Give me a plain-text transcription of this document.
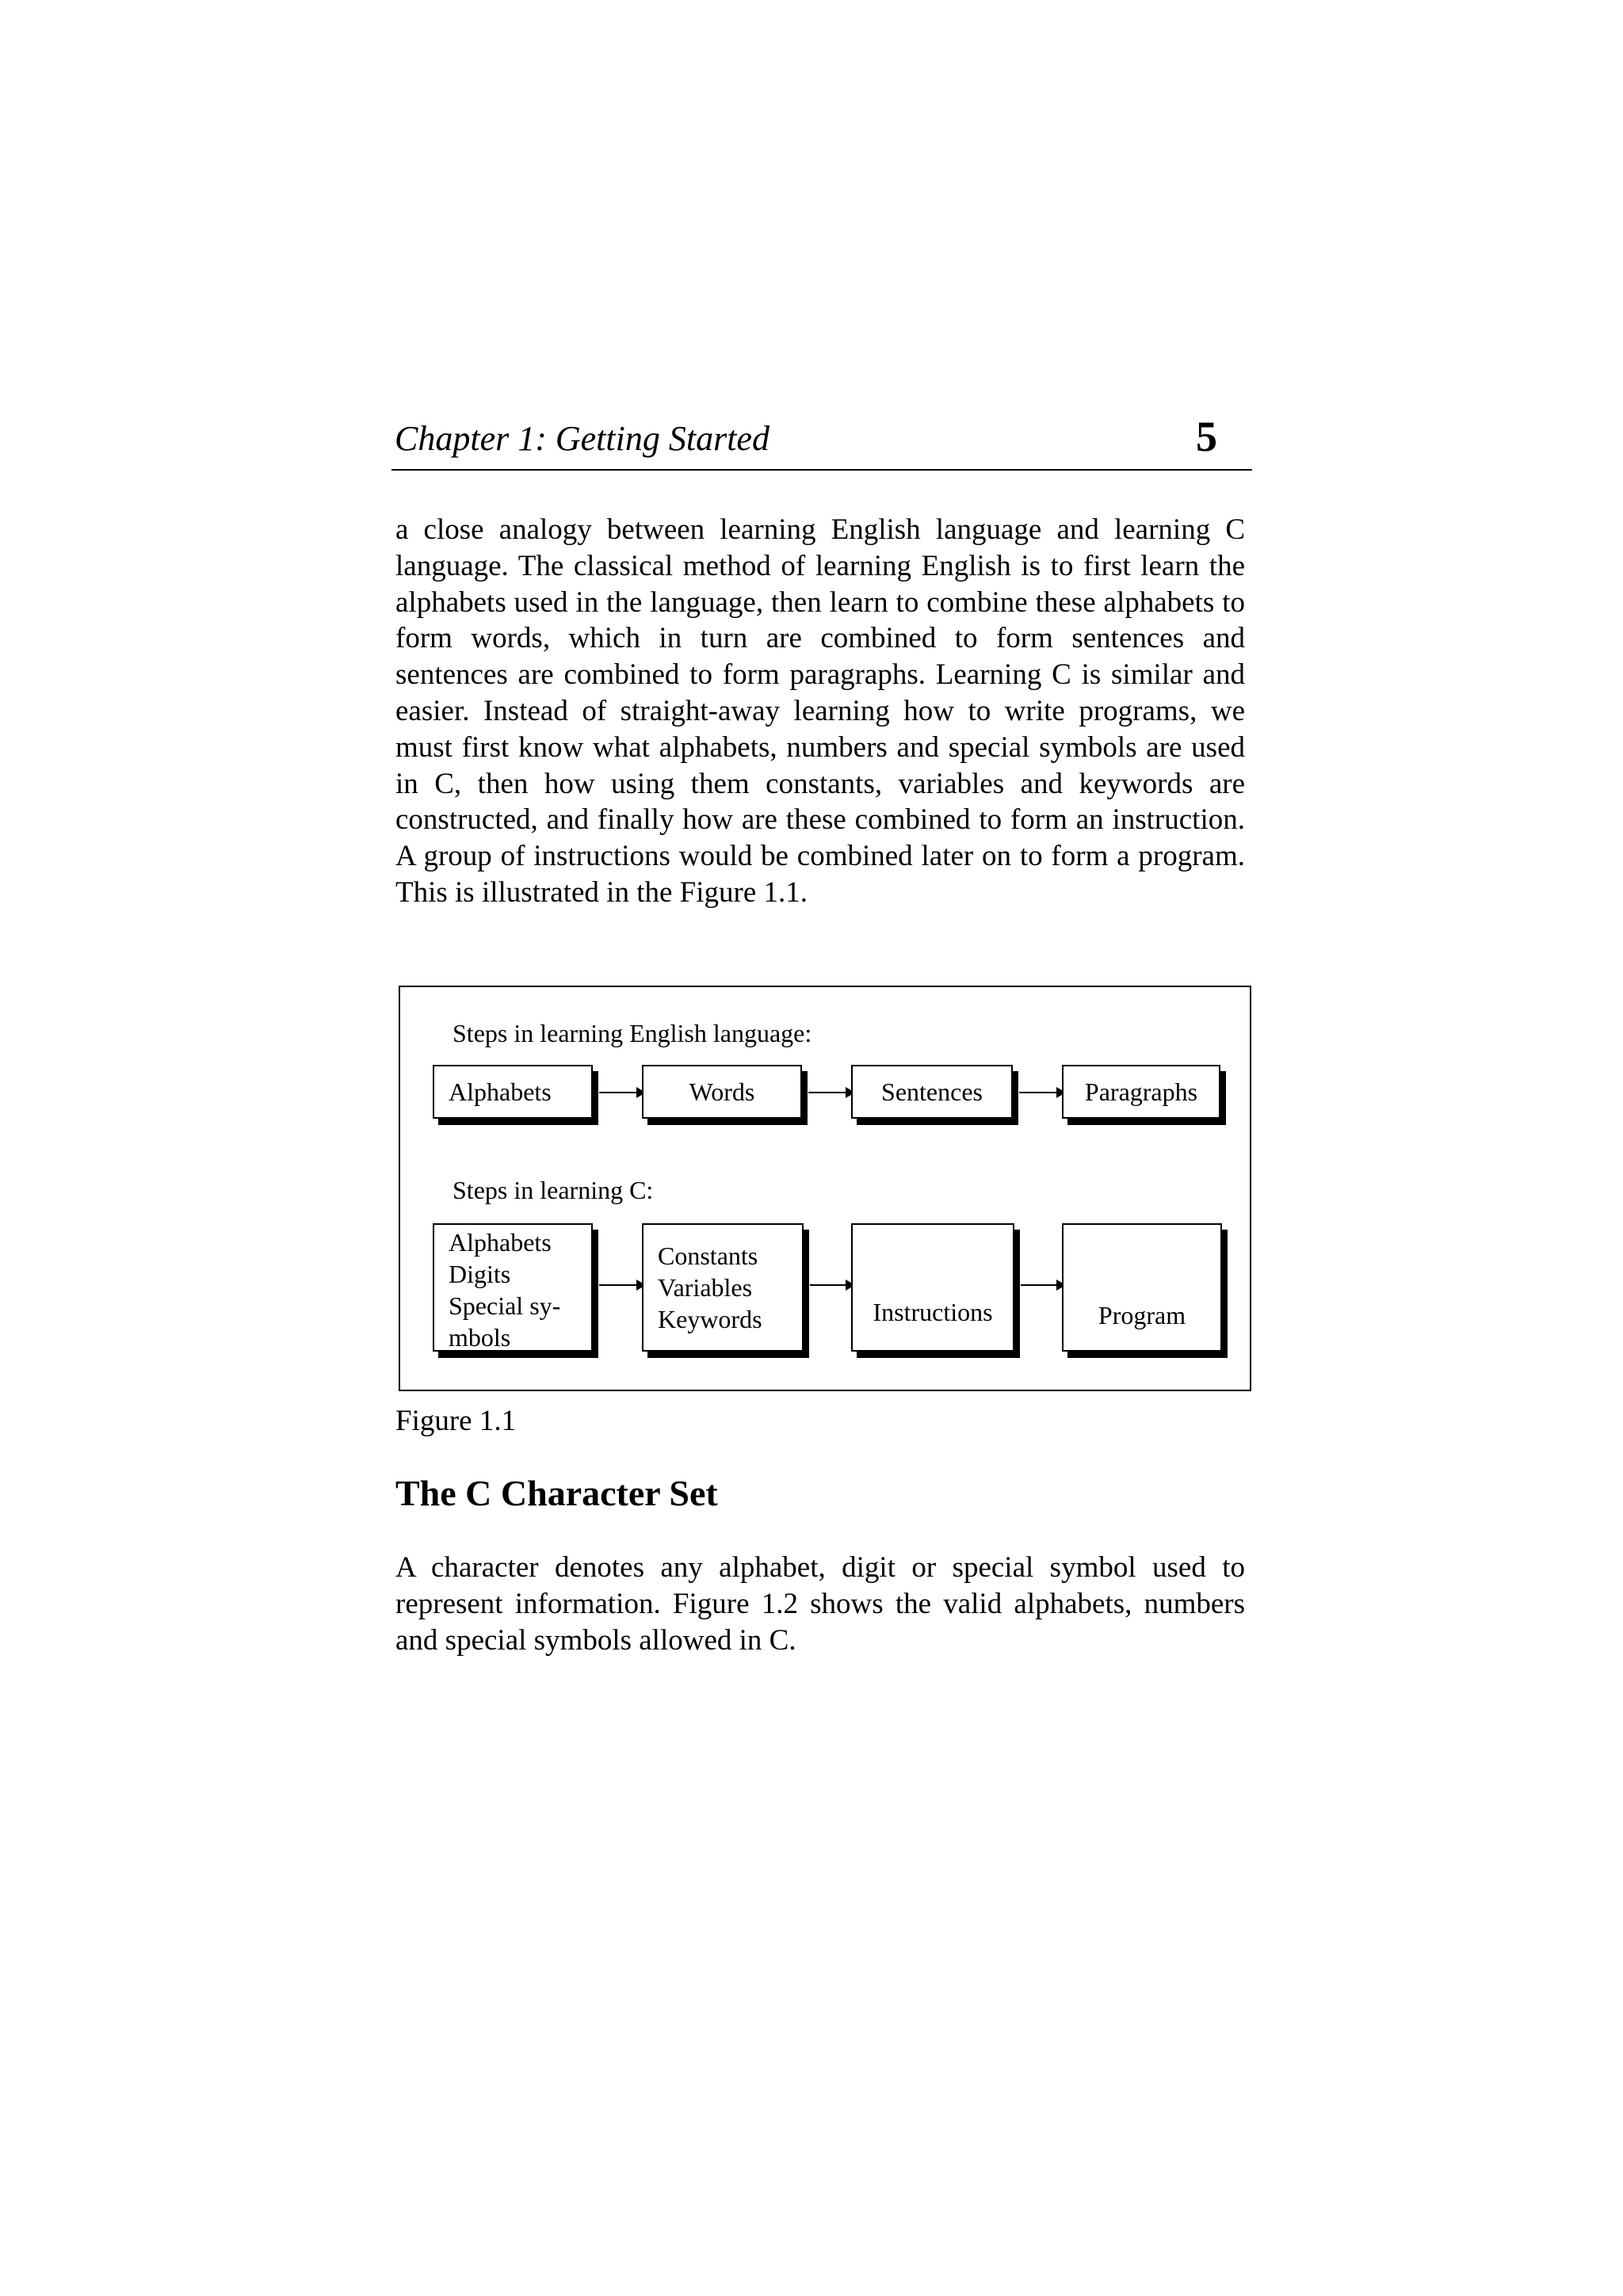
Chapter 1: Getting Started	5

a close analogy between learning English language and learning C language. The classical method of learning English is to first learn the alphabets used in the language, then learn to combine these alphabets to form words, which in turn are combined to form sentences and sentences are combined to form paragraphs. Learning C is similar and easier. Instead of straight-away learning how to write programs, we must first know what alphabets, numbers and special symbols are used in C, then how using them constants, variables and keywords are constructed, and finally how are these combined to form an instruction. A group of instructions would be combined later on to form a program. This is illustrated in the Figure 1.1.

Steps in learning English language:
Alphabets	Words	Sentences	Paragraphs
Steps in learning C:
Alphabets
Digits
Special sy-
mbols
Constants
Variables
Keywords	Instructions	Program
Figure 1.1
The C Character Set

A character denotes any alphabet, digit or special symbol used to represent information. Figure 1.2 shows the valid alphabets, numbers and special symbols allowed in C.
